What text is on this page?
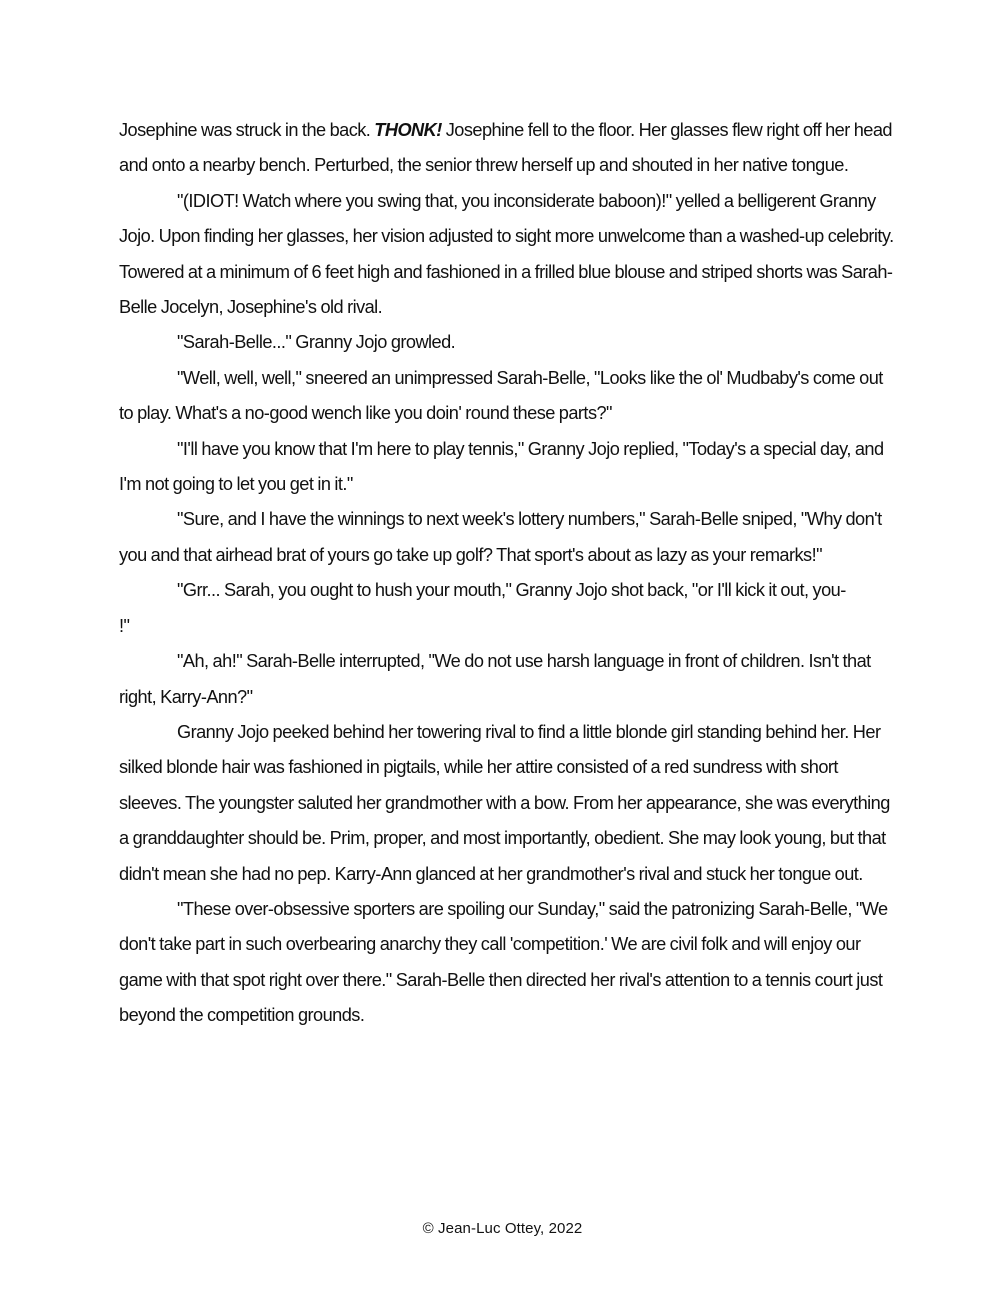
Josephine was struck in the back. THONK! Josephine fell to the floor. Her glasses flew right off her head and onto a nearby bench. Perturbed, the senior threw herself up and shouted in her native tongue.

"(IDIOT! Watch where you swing that, you inconsiderate baboon)!" yelled a belligerent Granny Jojo. Upon finding her glasses, her vision adjusted to sight more unwelcome than a washed-up celebrity. Towered at a minimum of 6 feet high and fashioned in a frilled blue blouse and striped shorts was Sarah-Belle Jocelyn, Josephine's old rival.

"Sarah-Belle..." Granny Jojo growled.

"Well, well, well," sneered an unimpressed Sarah-Belle, "Looks like the ol' Mudbaby's come out to play. What's a no-good wench like you doin' round these parts?"

"I'll have you know that I'm here to play tennis," Granny Jojo replied, "Today's a special day, and I'm not going to let you get in it."

"Sure, and I have the winnings to next week's lottery numbers," Sarah-Belle sniped, "Why don't you and that airhead brat of yours go take up golf? That sport's about as lazy as your remarks!"

"Grr... Sarah, you ought to hush your mouth," Granny Jojo shot back, "or I'll kick it out, you-
!"

"Ah, ah!" Sarah-Belle interrupted, "We do not use harsh language in front of children. Isn't that right, Karry-Ann?"

Granny Jojo peeked behind her towering rival to find a little blonde girl standing behind her. Her silked blonde hair was fashioned in pigtails, while her attire consisted of a red sundress with short sleeves. The youngster saluted her grandmother with a bow. From her appearance, she was everything a granddaughter should be. Prim, proper, and most importantly, obedient. She may look young, but that didn't mean she had no pep. Karry-Ann glanced at her grandmother's rival and stuck her tongue out.

"These over-obsessive sporters are spoiling our Sunday," said the patronizing Sarah-Belle, "We don't take part in such overbearing anarchy they call 'competition.' We are civil folk and will enjoy our game with that spot right over there." Sarah-Belle then directed her rival's attention to a tennis court just beyond the competition grounds.

© Jean-Luc Ottey, 2022
